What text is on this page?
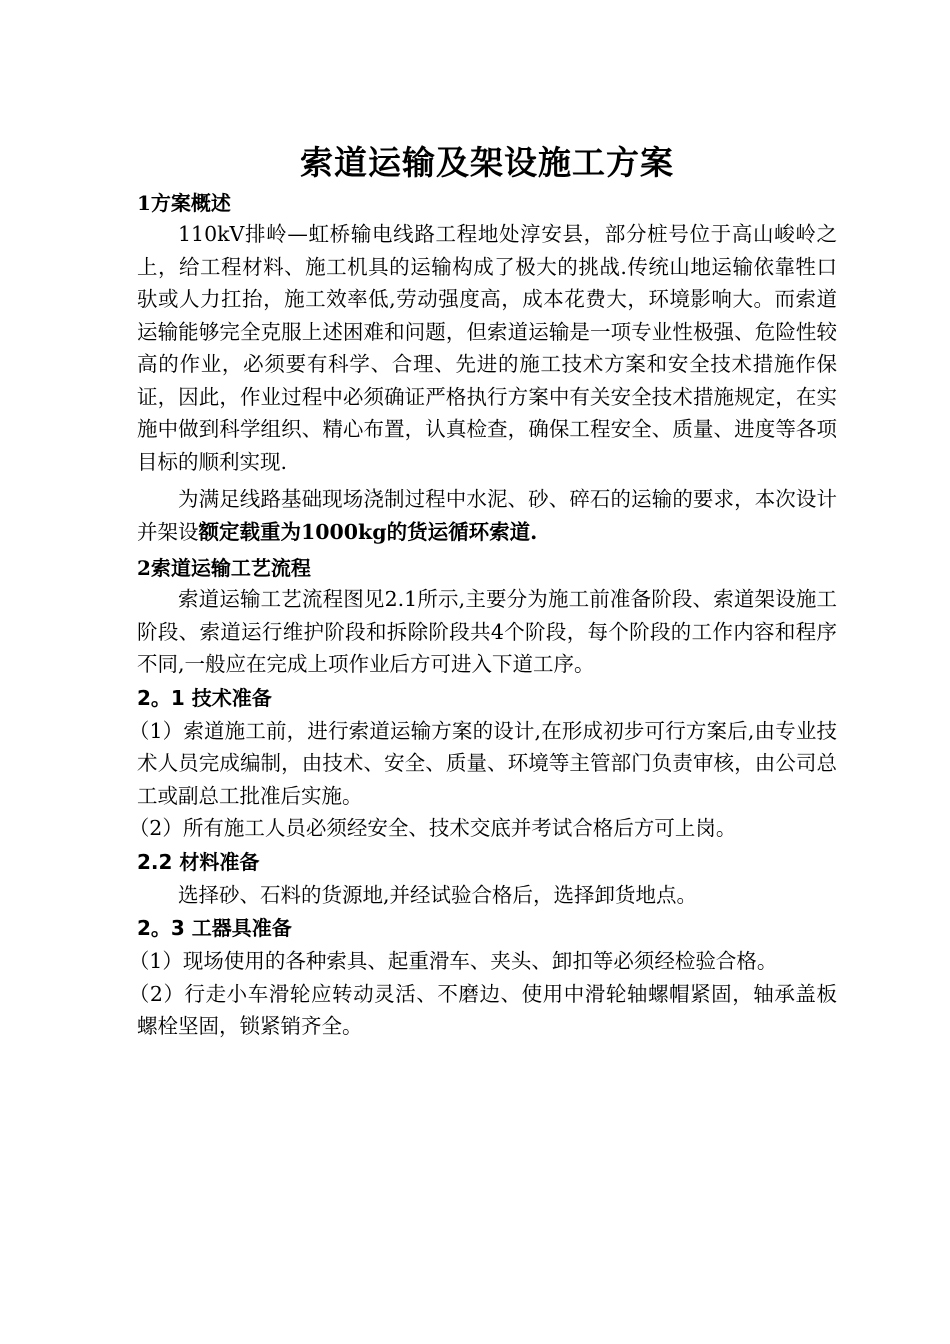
索道运输及架设施工方案
1方案概述

110kV排岭—虹桥输电线路工程地处淳安县，部分桩号位于高山峻岭之上，给工程材料、施工机具的运输构成了极大的挑战.传统山地运输依靠牲口驮或人力扛抬，施工效率低,劳动强度高，成本花费大，环境影响大。而索道运输能够完全克服上述困难和问题，但索道运输是一项专业性极强、危险性较高的作业，必须要有科学、合理、先进的施工技术方案和安全技术措施作保证，因此，作业过程中必须确证严格执行方案中有关安全技术措施规定，在实施中做到科学组织、精心布置，认真检查，确保工程安全、质量、进度等各项目标的顺利实现.

为满足线路基础现场浇制过程中水泥、砂、碎石的运输的要求，本次设计并架设额定载重为1000kg的货运循环索道.

2索道运输工艺流程

索道运输工艺流程图见2.1所示,主要分为施工前准备阶段、索道架设施工阶段、索道运行维护阶段和拆除阶段共4个阶段，每个阶段的工作内容和程序不同,一般应在完成上项作业后方可进入下道工序。

2。1 技术准备

（1）索道施工前，进行索道运输方案的设计,在形成初步可行方案后,由专业技术人员完成编制，由技术、安全、质量、环境等主管部门负责审核，由公司总工或副总工批准后实施。

（2）所有施工人员必须经安全、技术交底并考试合格后方可上岗。

2.2 材料准备

选择砂、石料的货源地,并经试验合格后，选择卸货地点。

2。3 工器具准备

（1）现场使用的各种索具、起重滑车、夹头、卸扣等必须经检验合格。

（2）行走小车滑轮应转动灵活、不磨边、使用中滑轮轴螺帽紧固，轴承盖板螺栓坚固，锁紧销齐全。
